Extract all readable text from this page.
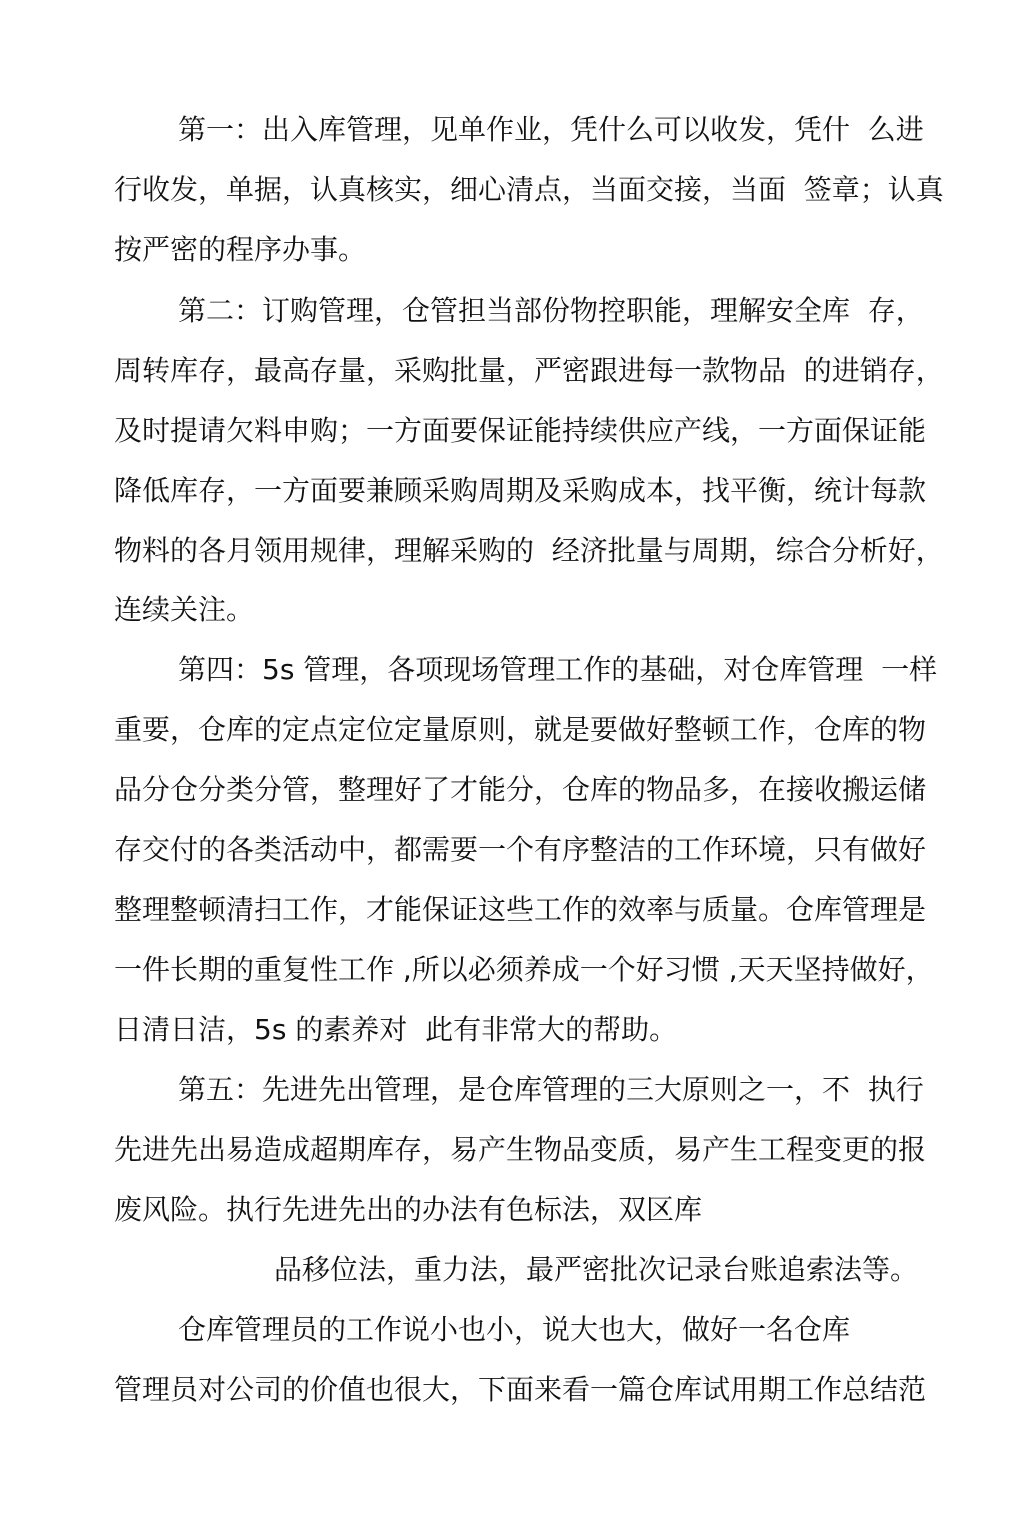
第一：出入库管理，见单作业，凭什么可以收发，凭什  么进
行收发，单据，认真核实，细心清点，当面交接，当面  签章；认真
按严密的程序办事。
第二：订购管理，仓管担当部份物控职能，理解安全库  存，
周转库存，最高存量，采购批量，严密跟进每一款物品  的进销存，
及时提请欠料申购；一方面要保证能持续供应产线，一方面保证能
降低库存，一方面要兼顾采购周期及采购成本，找平衡，统计每款
物料的各月领用规律，理解采购的  经济批量与周期，综合分析好，
连续关注。
第四：5s 管理，各项现场管理工作的基础，对仓库管理  一样
重要，仓库的定点定位定量原则，就是要做好整顿工作，仓库的物
品分仓分类分管，整理好了才能分，仓库的物品多，在接收搬运储
存交付的各类活动中，都需要一个有序整洁的工作环境，只有做好
整理整顿清扫工作，才能保证这些工作的效率与质量。仓库管理是
一件长期的重复性工作 ,所以必须养成一个好习惯 ,天天坚持做好，
日清日洁，5s 的素养对  此有非常大的帮助。
第五：先进先出管理，是仓库管理的三大原则之一，不  执行
先进先出易造成超期库存，易产生物品变质，易产生工程变更的报
废风险。执行先进先出的办法有色标法，双区库
品移位法，重力法，最严密批次记录台账追索法等。
仓库管理员的工作说小也小，说大也大，做好一名仓库
管理员对公司的价值也很大，下面来看一篇仓库试用期工作总结范
